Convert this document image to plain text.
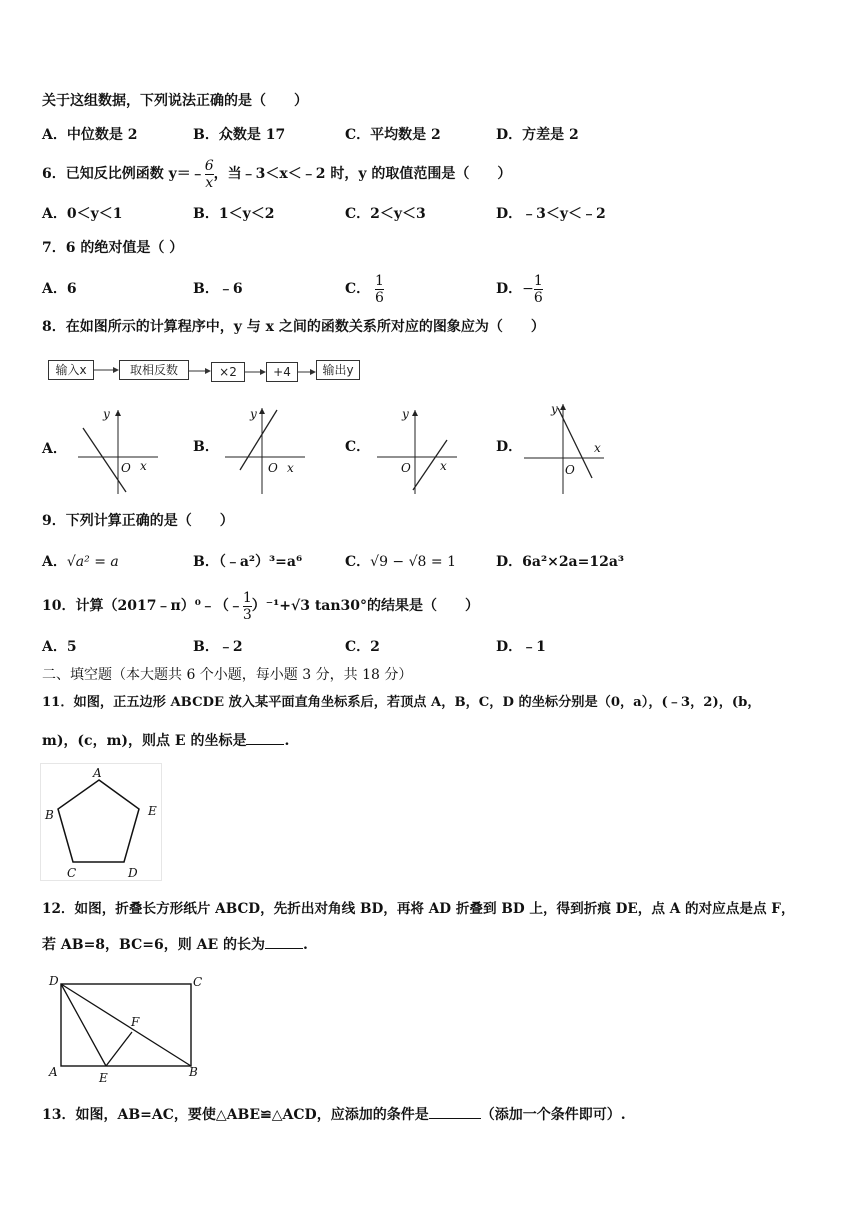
关于这组数据，下列说法正确的是（　　）
A．中位数是 2	B．众数是 17	C．平均数是 2	D．方差是 2
6．已知反比例函数 y＝﹣ $\frac{6}{x}$ ，当﹣3＜x＜﹣2 时，y 的取值范围是（　　）
A．0＜y＜1	B．1＜y＜2	C．2＜y＜3	D．﹣3＜y＜﹣2
7．6 的绝对值是（ ）
A．6	B．﹣6	C． $\frac{1}{6}$	D．− $\frac{1}{6}$
8．在如图所示的计算程序中，y 与 x 之间的函数关系所对应的图象应为（　　）
输入x	取相反数	×2	+4	输出y
A．	B．	C．	D．
y
O x
y
O x
y
O x
y
O
x
9．下列计算正确的是（　　）
A．√a² = a	B．（﹣a²）³=a⁶	C．√9 − √8 = 1	D．6a²×2a=12a³
10．计算（2017﹣π）⁰﹣（﹣ $\frac{1}{3} )^{-1}+√3$ tan30°的结果是（　　）
A．5	B．﹣2	C．2	D．﹣1
二、填空题（本大题共 6 个小题，每小题 3 分，共 18 分）
11．如图，正五边形 ABCDE 放入某平面直角坐标系后，若顶点 A，B，C，D 的坐标分别是（0，a），(﹣3，2)，(b，
m)，(c，m)，则点 E 的坐标是	.
A
B
C	D
E
12．如图，折叠长方形纸片 ABCD，先折出对角线 BD，再将 AD 折叠到 BD 上，得到折痕 DE，点 A 的对应点是点 F，
若 AB=8，BC=6，则 AE 的长为	.
D	C
F
A	E	B
13．如图，AB=AC，要使△ABE≌△ACD，应添加的条件是	（添加一个条件即可）.
